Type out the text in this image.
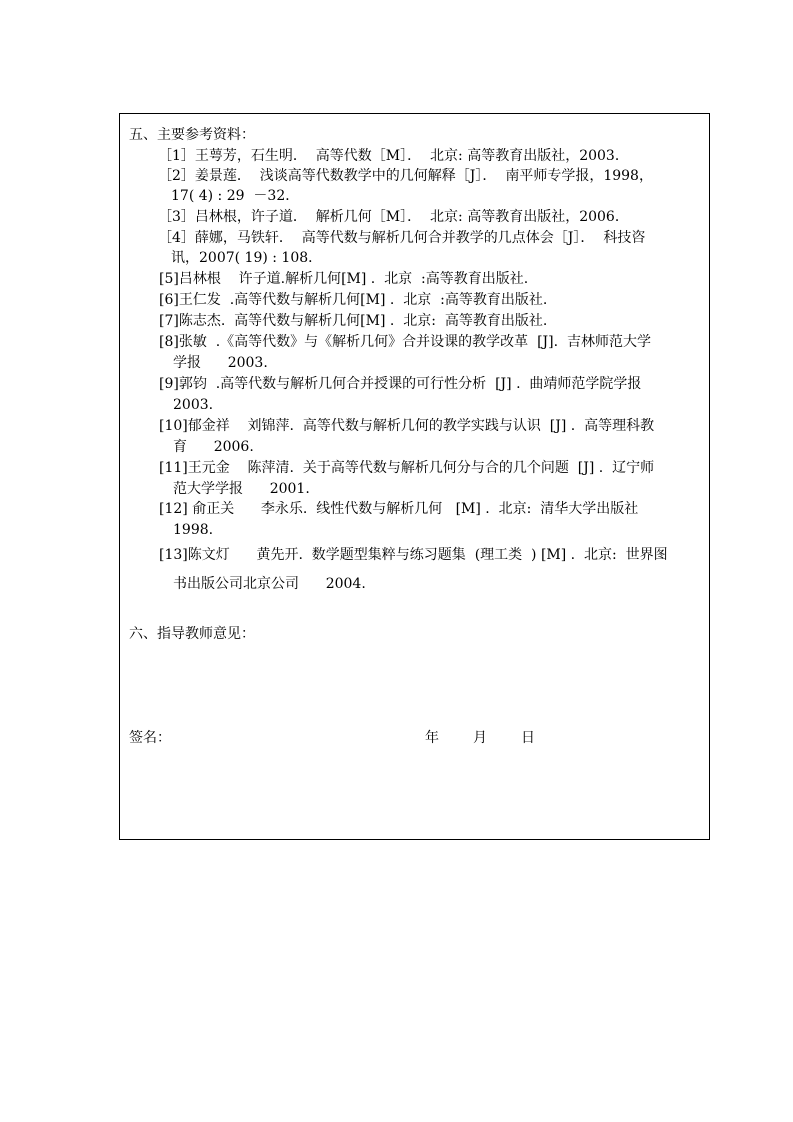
五、主要参考资料：
［1］王萼芳，石生明．  高等代数［M］．  北京: 高等教育出版社，2003．
［2］姜景莲．  浅谈高等代数教学中的几何解释［J］．  南平师专学报，1998，
17( 4) : 29  －32．
［3］吕林根，许子道．  解析几何［M］．  北京: 高等教育出版社，2006．
［4］薛娜，马铁轩．  高等代数与解析几何合并教学的几点体会［J］．  科技咨
讯，2007( 19) : 108．
[5]吕林根    许子道.解析几何[M] .  北京  :高等教育出版社.
[6]王仁发  .高等代数与解析几何[M] .  北京  :高等教育出版社.
[7]陈志杰.  高等代数与解析几何[M] .  北京:  高等教育出版社.
[8]张敏  .《高等代数》与《解析几何》合并设课的教学改革  [J].  吉林师范大学
学报      2003.
[9]郭钧  .高等代数与解析几何合并授课的可行性分析  [J] .  曲靖师范学院学报
2003.
[10]郁金祥    刘锦萍.  高等代数与解析几何的教学实践与认识  [J] .  高等理科教
育      2006.
[11]王元金    陈萍清.  关于高等代数与解析几何分与合的几个问题  [J] .  辽宁师
范大学学报      2001.
[12] 俞正关      李永乐.  线性代数与解析几何   [M] .  北京:  清华大学出版社
1998.
[13]陈文灯      黄先开.  数学题型集粹与练习题集  (理工类  ) [M] .  北京:  世界图
书出版公司北京公司      2004.
六、指导教师意见：
签名：	年 月 日
